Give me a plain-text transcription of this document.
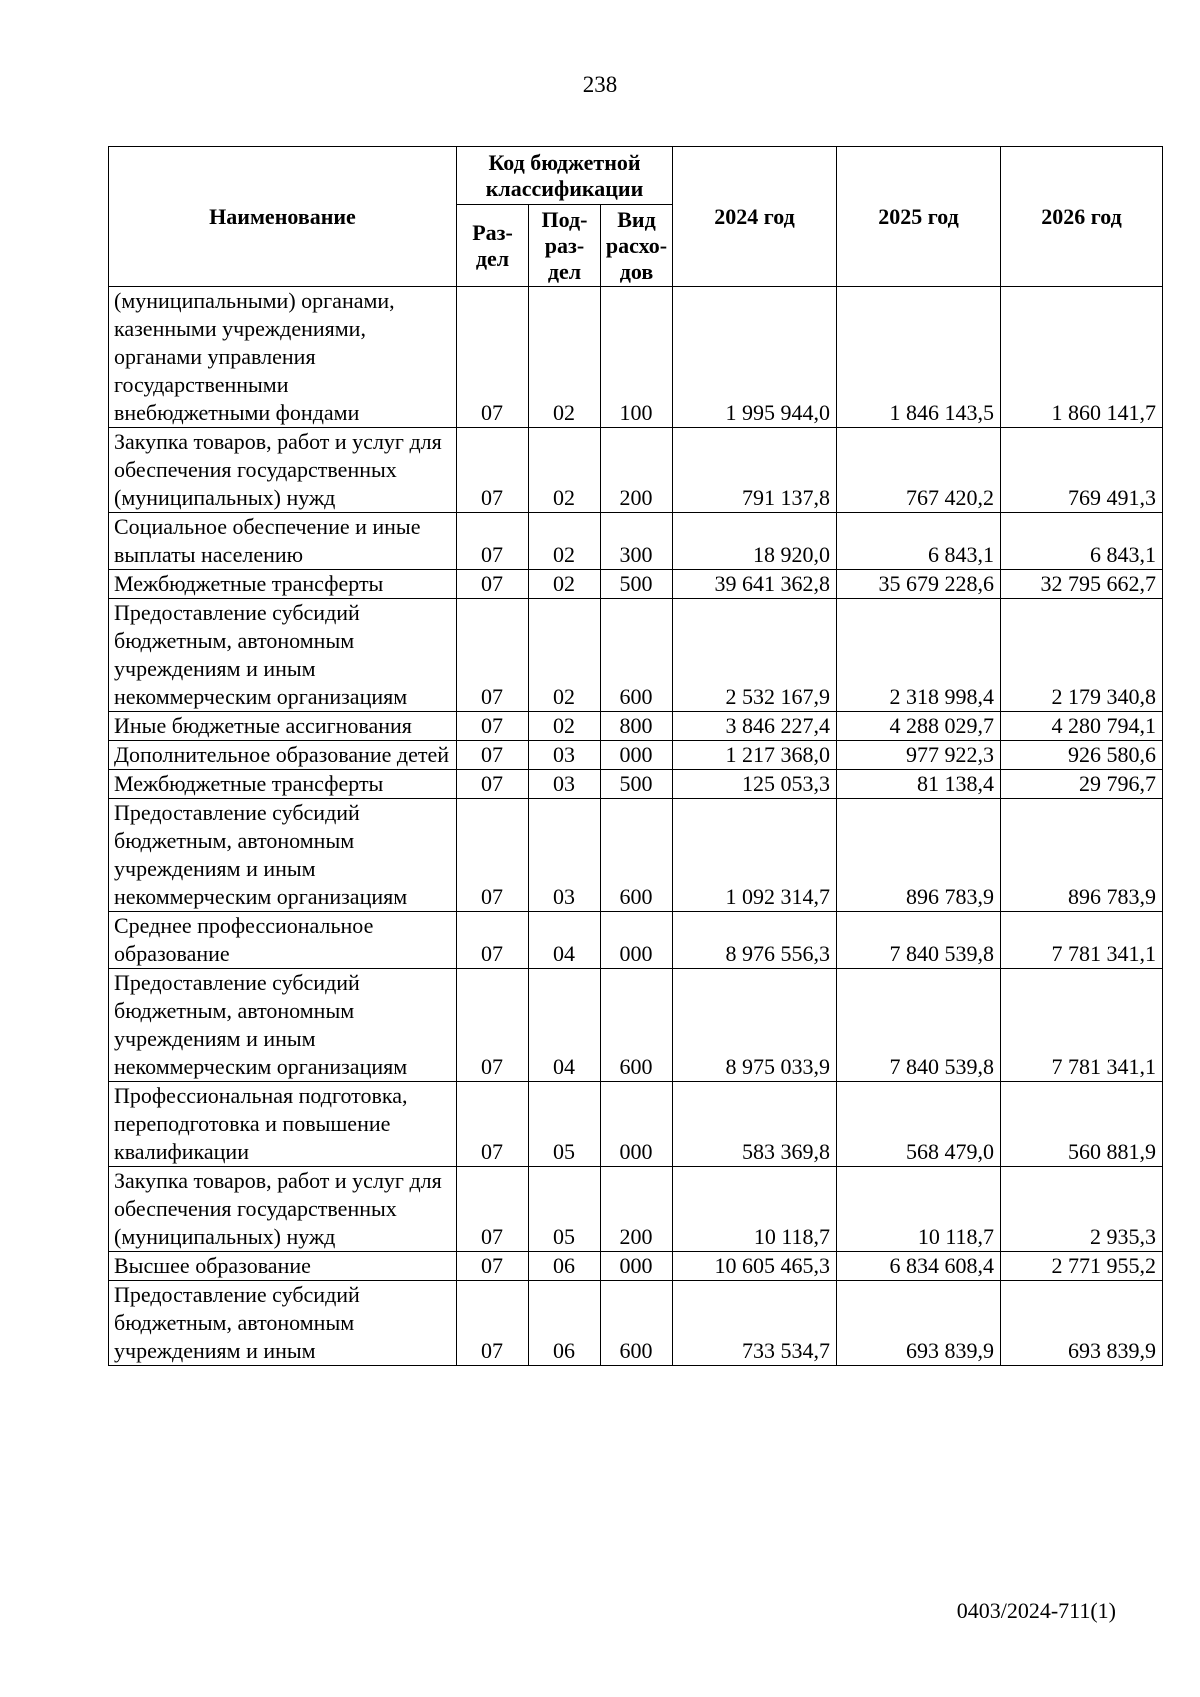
238
Наименование	Код бюджетной классификации			2024 год	2025 год	2026 год
	Раз-дел	Под-раз-дел	Вид расхо-дов			
(муниципальными) органами, казенными учреждениями, органами управления государственными внебюджетными фондами	07	02	100	1 995 944,0	1 846 143,5	1 860 141,7
Закупка товаров, работ и услуг для обеспечения государственных (муниципальных) нужд	07	02	200	791 137,8	767 420,2	769 491,3
Социальное обеспечение и иные выплаты населению	07	02	300	18 920,0	6 843,1	6 843,1
Межбюджетные трансферты	07	02	500	39 641 362,8	35 679 228,6	32 795 662,7
Предоставление субсидий бюджетным, автономным учреждениям и иным некоммерческим организациям	07	02	600	2 532 167,9	2 318 998,4	2 179 340,8
Иные бюджетные ассигнования	07	02	800	3 846 227,4	4 288 029,7	4 280 794,1
Дополнительное образование детей	07	03	000	1 217 368,0	977 922,3	926 580,6
Межбюджетные трансферты	07	03	500	125 053,3	81 138,4	29 796,7
Предоставление субсидий бюджетным, автономным учреждениям и иным некоммерческим организациям	07	03	600	1 092 314,7	896 783,9	896 783,9
Среднее профессиональное образование	07	04	000	8 976 556,3	7 840 539,8	7 781 341,1
Предоставление субсидий бюджетным, автономным учреждениям и иным некоммерческим организациям	07	04	600	8 975 033,9	7 840 539,8	7 781 341,1
Профессиональная подготовка, переподготовка и повышение квалификации	07	05	000	583 369,8	568 479,0	560 881,9
Закупка товаров, работ и услуг для обеспечения государственных (муниципальных) нужд	07	05	200	10 118,7	10 118,7	2 935,3
Высшее образование	07	06	000	10 605 465,3	6 834 608,4	2 771 955,2
Предоставление субсидий бюджетным, автономным учреждениям и иным	07	06	600	733 534,7	693 839,9	693 839,9
0403/2024-711(1)
